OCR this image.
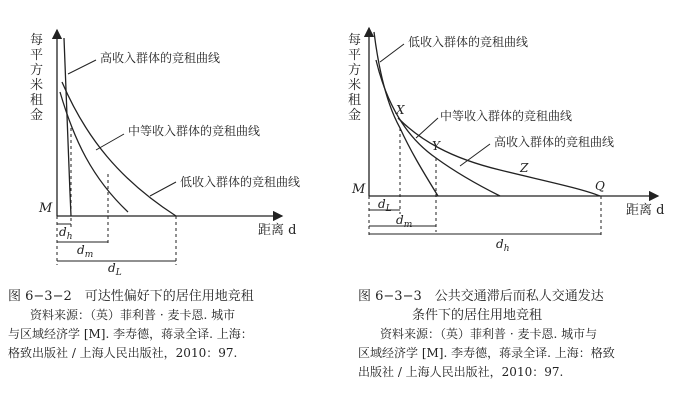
每
平
方
米
租
金
M
距离 d
高收入群体的竞租曲线
中等收入群体的竞租曲线
低收入群体的竞租曲线
$d_h$
$d_m$
$d_L$
图 6−3−2　可达性偏好下的居住用地竞租
资料来源：（英）菲利普 · 麦卡恩. 城市
与区域经济学 [M]. 李寿德，蒋录全译. 上海：
格致出版社 / 上海人民出版社，2010：97.
每
平
方
米
租
金
M
距离 d
低收入群体的竞租曲线
中等收入群体的竞租曲线
高收入群体的竞租曲线
X
Y
Z
Q
$d_L$
$d_m$
$d_h$
图 6−3−3　公共交通滞后而私人交通发达
条件下的居住用地竞租
资料来源：（英）菲利普 · 麦卡恩. 城市与
区域经济学 [M]. 李寿德，蒋录全译. 上海：格致
出版社 / 上海人民出版社，2010：97.
